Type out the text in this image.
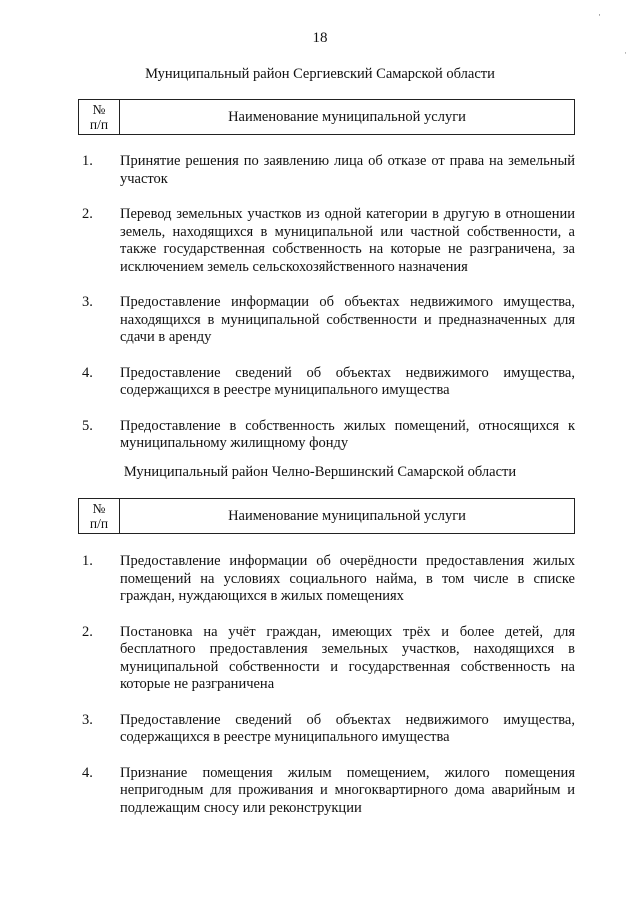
18
·
·
Муниципальный район Сергиевский Самарской области
№
п/п	Наименование муниципальной услуги
1.	Принятие решения по заявлению лица об отказе от права на земельный участок
2.	Перевод земельных участков из одной категории в другую в отношении земель, находящихся в муниципальной или частной собственности, а также государственная собственность на которые не разграничена, за исключением земель сельскохозяйственного назначения
3.	Предоставление информации об объектах недвижимого имущества, находящихся в муниципальной собственности и предназначенных для сдачи в аренду
4.	Предоставление сведений об объектах недвижимого имущества, содержащихся в реестре муниципального имущества
5.	Предоставление в собственность жилых помещений, относящихся к муниципальному жилищному фонду
Муниципальный район Челно-Вершинский Самарской области
№
п/п	Наименование муниципальной услуги
1.	Предоставление информации об очерёдности предоставления жилых помещений на условиях социального найма, в том числе в списке граждан, нуждающихся в жилых помещениях
2.	Постановка на учёт граждан, имеющих трёх и более детей, для бесплатного предоставления земельных участков, находящихся в муниципальной собственности и государственная собственность на которые не разграничена
3.	Предоставление сведений об объектах недвижимого имущества, содержащихся в реестре муниципального имущества
4.	Признание помещения жилым помещением, жилого помещения непригодным для проживания и многоквартирного дома аварийным и подлежащим сносу или реконструкции
